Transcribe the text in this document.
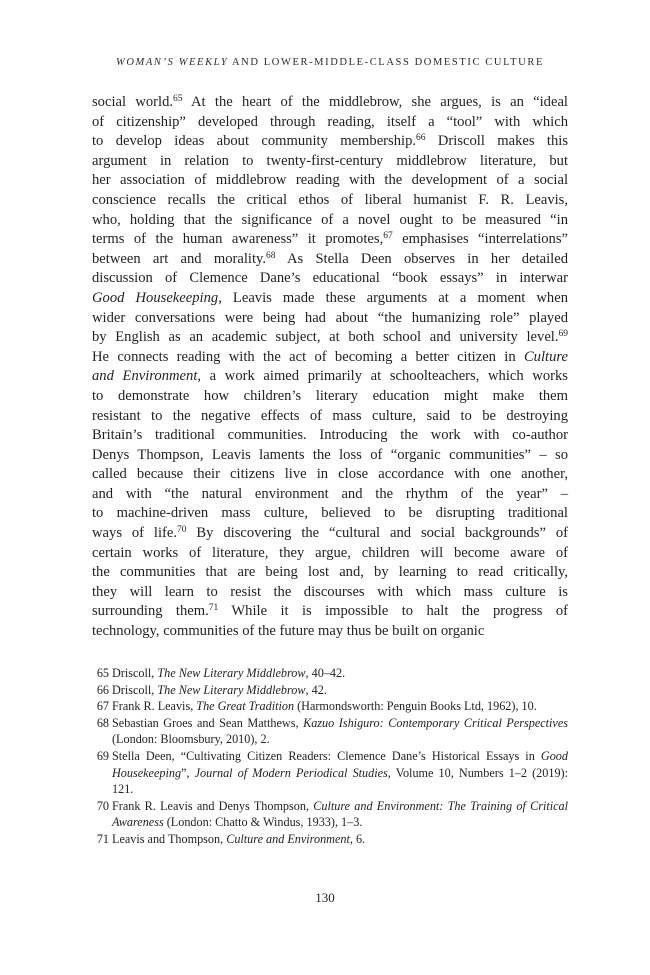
WOMAN’S WEEKLY AND LOWER-MIDDLE-CLASS DOMESTIC CULTURE
social world.$^{65}$ At the heart of the middlebrow, she argues, is an “ideal
of citizenship” developed through reading, itself a “tool” with which
to develop ideas about community membership.$^{66}$ Driscoll makes this
argument in relation to twenty-first-century middlebrow literature, but
her association of middlebrow reading with the development of a social
conscience recalls the critical ethos of liberal humanist F. R. Leavis,
who, holding that the significance of a novel ought to be measured “in
terms of the human awareness” it promotes,$^{67}$ emphasises “interrelations”
between art and morality.$^{68}$ As Stella Deen observes in her detailed
discussion of Clemence Dane’s educational “book essays” in interwar
Good Housekeeping, Leavis made these arguments at a moment when
wider conversations were being had about “the humanizing role” played
by English as an academic subject, at both school and university level.$^{69}$
He connects reading with the act of becoming a better citizen in Culture
and Environment, a work aimed primarily at schoolteachers, which works
to demonstrate how children’s literary education might make them
resistant to the negative effects of mass culture, said to be destroying
Britain’s traditional communities. Introducing the work with co-author
Denys Thompson, Leavis laments the loss of “organic communities” – so
called because their citizens live in close accordance with one another,
and with “the natural environment and the rhythm of the year” –
to machine-driven mass culture, believed to be disrupting traditional
ways of life.$^{70}$ By discovering the “cultural and social backgrounds” of
certain works of literature, they argue, children will become aware of
the communities that are being lost and, by learning to read critically,
they will learn to resist the discourses with which mass culture is
surrounding them.$^{71}$ While it is impossible to halt the progress of
technology, communities of the future may thus be built on organic
65 Driscoll, The New Literary Middlebrow, 40–42.
66 Driscoll, The New Literary Middlebrow, 42.
67 Frank R. Leavis, The Great Tradition (Harmondsworth: Penguin Books Ltd, 1962), 10.
68 Sebastian Groes and Sean Matthews, Kazuo Ishiguro: Contemporary Critical Perspectives (London: Bloomsbury, 2010), 2.
69 Stella Deen, “Cultivating Citizen Readers: Clemence Dane’s Historical Essays in Good Housekeeping”, Journal of Modern Periodical Studies, Volume 10, Numbers 1–2 (2019): 121.
70 Frank R. Leavis and Denys Thompson, Culture and Environment: The Training of Critical Awareness (London: Chatto & Windus, 1933), 1–3.
71 Leavis and Thompson, Culture and Environment, 6.
130
